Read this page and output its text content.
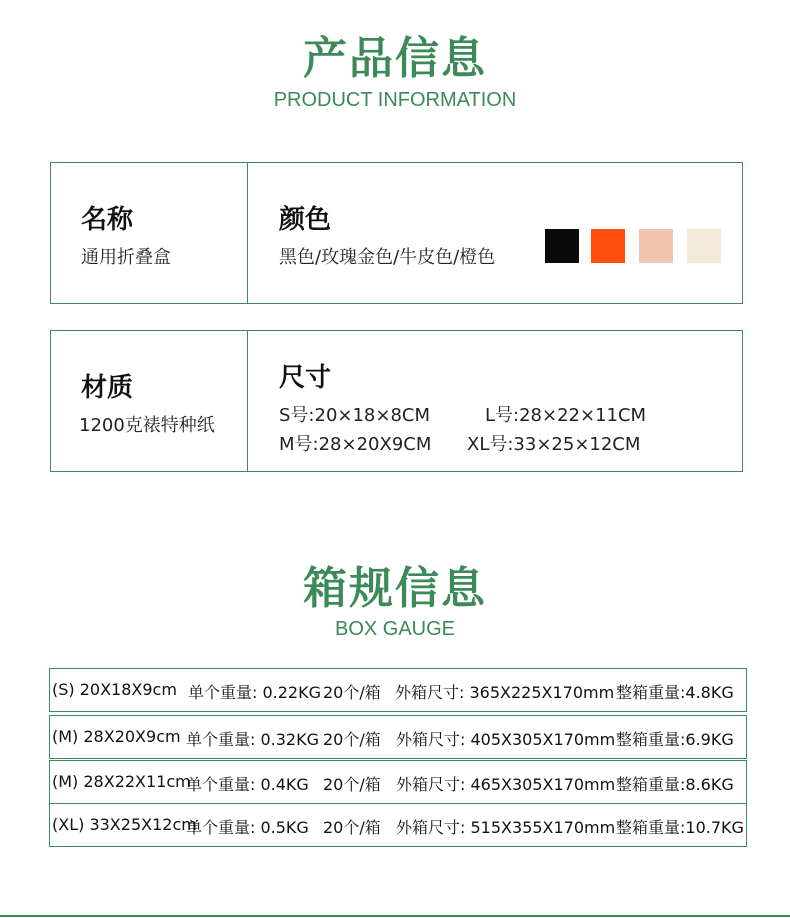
产品信息
PRODUCT INFORMATION
名称
通用折叠盒
颜色
黑色/玫瑰金色/牛皮色/橙色
材质
1200克裱特种纸
尺寸
S号:20×18×8CM	L号:28×22×11CM
M号:28×20X9CM XL号:33×25×12CM
箱规信息
BOX GAUGE
(S) 20X18X9cm 单个重量: 0.22KG 20个/箱 外箱尺寸: 365X225X170mm 整箱重量:4.8KG
(M) 28X20X9cm 单个重量: 0.32KG 20个/箱 外箱尺寸: 405X305X170mm 整箱重量:6.9KG
(M) 28X22X11cm
单个重量: 0.4KG 20个/箱 外箱尺寸: 465X305X170mm 整箱重量:8.6KG
(XL) 33X25X12cm
单个重量: 0.5KG 20个/箱 外箱尺寸: 515X355X170mm 整箱重量:10.7KG
